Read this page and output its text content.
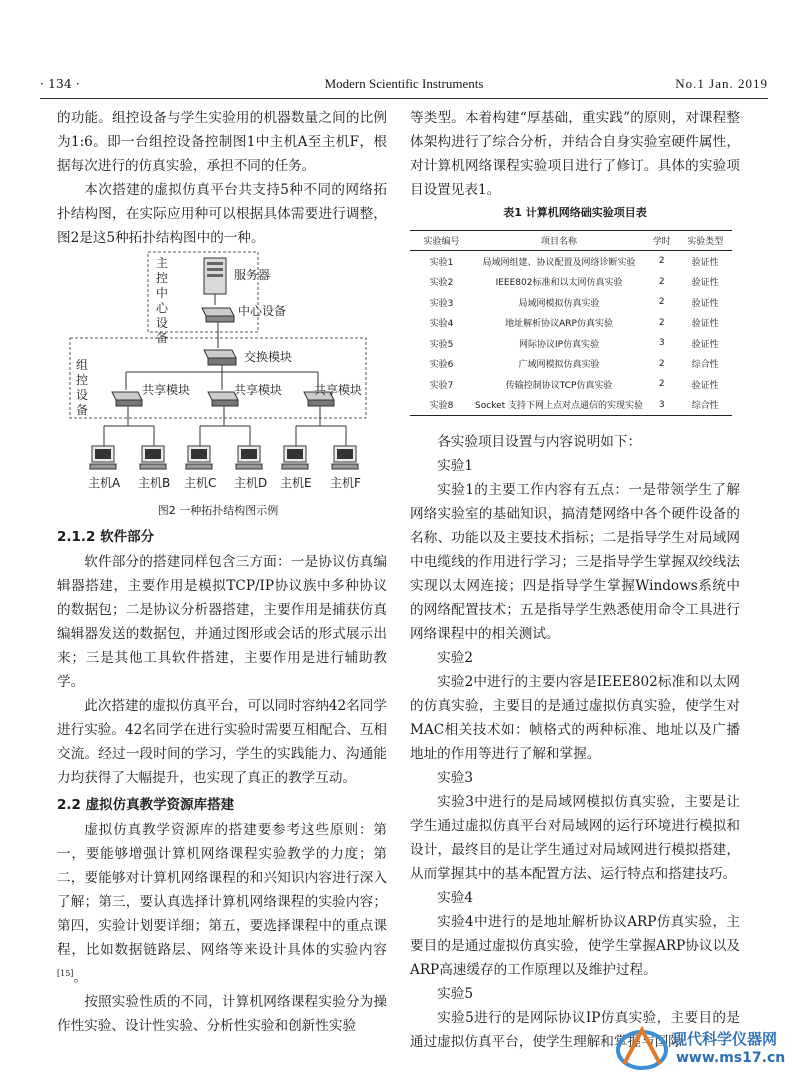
· 134 ·	Modern Scientific Instruments	No.1 Jan. 2019

的功能。组控设备与学生实验用的机器数量之间的比例为1:6。即一台组控设备控制图1中主机A至主机F，根据每次进行的仿真实验，承担不同的任务。

本次搭建的虚拟仿真平台共支持5种不同的网络拓扑结构图，在实际应用种可以根据具体需要进行调整，图2是这5种拓扑结构图中的一种。

主控中心设备
服务器
中心设备
交换模块
组控设备
共享模块	共享模块	共享模块
主机A 主机B 主机C 主机D 主机E 主机F
图2 一种拓扑结构图示例
2.1.2 软件部分

软件部分的搭建同样包含三方面：一是协议仿真编辑器搭建，主要作用是模拟TCP/IP协议族中多种协议的数据包；二是协议分析器搭建，主要作用是捕获仿真编辑器发送的数据包，并通过图形或会话的形式展示出来；三是其他工具软件搭建，主要作用是进行辅助教学。

此次搭建的虚拟仿真平台，可以同时容纳42名同学进行实验。42名同学在进行实验时需要互相配合、互相交流。经过一段时间的学习，学生的实践能力、沟通能力均获得了大幅提升，也实现了真正的教学互动。

2.2 虚拟仿真教学资源库搭建

虚拟仿真教学资源库的搭建要参考这些原则：第一，要能够增强计算机网络课程实验教学的力度；第二，要能够对计算机网络课程的和兴知识内容进行深入了解；第三，要认真选择计算机网络课程的实验内容；第四，实验计划要详细；第五，要选择课程中的重点课程，比如数据链路层、网络等来设计具体的实验内容[15]。

按照实验性质的不同，计算机网络课程实验分为操作性实验、设计性实验、分析性实验和创新性实验

等类型。本着构建“厚基础，重实践”的原则，对课程整体架构进行了综合分析，并结合自身实验室硬件属性，对计算机网络课程实验项目进行了修订。具体的实验项目设置见表1。

表1 计算机网络础实验项目表
实验编号	项目名称	学时	实验类型
实验1	局域网组建、协议配置及网络诊断实验	2	验证性
实验2	IEEE802标准和以太网仿真实验	2	验证性
实验3	局域网模拟仿真实验	2	验证性
实验4	地址解析协议ARP仿真实验	2	验证性
实验5	网际协议IP仿真实验	3	验证性
实验6	广域网模拟仿真实验	2	综合性
实验7	传输控制协议TCP仿真实验	2	验证性
实验8	Socket 支持下网上点对点通信的实现实验	3	综合性

各实验项目设置与内容说明如下：

实验1

实验1的主要工作内容有五点：一是带领学生了解网络实验室的基础知识，搞清楚网络中各个硬件设备的名称、功能以及主要技术指标；二是指导学生对局域网中电缆线的作用进行学习；三是指导学生掌握双绞线法实现以太网连接；四是指导学生掌握Windows系统中的网络配置技术；五是指导学生熟悉使用命令工具进行网络课程中的相关测试。

实验2

实验2中进行的主要内容是IEEE802标准和以太网的仿真实验，主要目的是通过虚拟仿真实验，使学生对MAC相关技术如：帧格式的两种标准、地址以及广播地址的作用等进行了解和掌握。

实验3

实验3中进行的是局域网模拟仿真实验，主要是让学生通过虚拟仿真平台对局域网的运行环境进行模拟和设计，最终目的是让学生通过对局域网进行模拟搭建，从而掌握其中的基本配置方法、运行特点和搭建技巧。

实验4

实验4中进行的是地址解析协议ARP仿真实验，主要目的是通过虚拟仿真实验，使学生掌握ARP协议以及ARP高速缓存的工作原理以及维护过程。

实验5

实验5进行的是网际协议IP仿真实验，主要目的是通过虚拟仿真平台，使学生理解和掌握与国际

现代科学仪器网
www.ms17.cn
